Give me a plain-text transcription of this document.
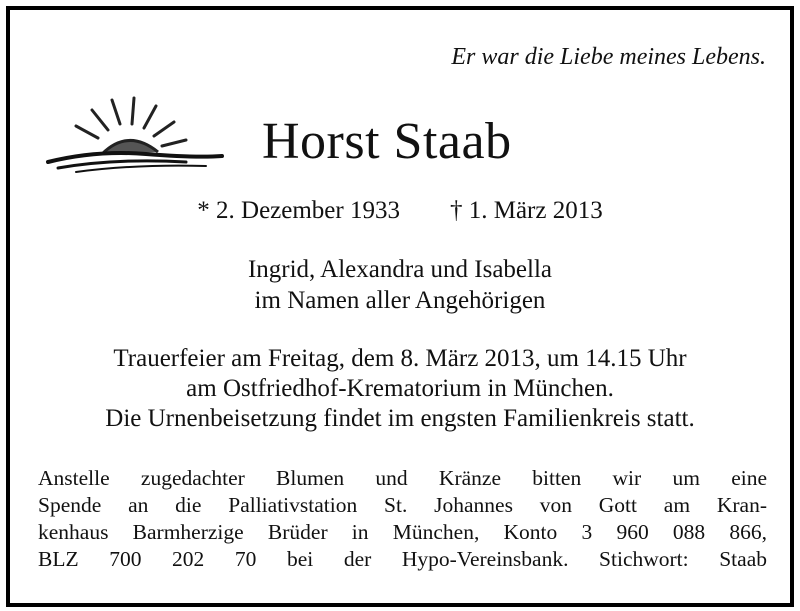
Er war die Liebe meines Lebens.
Horst Staab
* 2. Dezember 1933 † 1. März 2013
Ingrid, Alexandra und Isabella
im Namen aller Angehörigen
Trauerfeier am Freitag, dem 8. März 2013, um 14.15 Uhr
am Ostfriedhof-Krematorium in München.
Die Urnenbeisetzung findet im engsten Familienkreis statt.
Anstelle zugedachter Blumen und Kränze bitten wir um eine
Spende an die Palliativstation St. Johannes von Gott am Kran-
kenhaus Barmherzige Brüder in München, Konto 3 960 088 866,
BLZ 700 202 70 bei der Hypo-Vereinsbank. Stichwort: Staab
